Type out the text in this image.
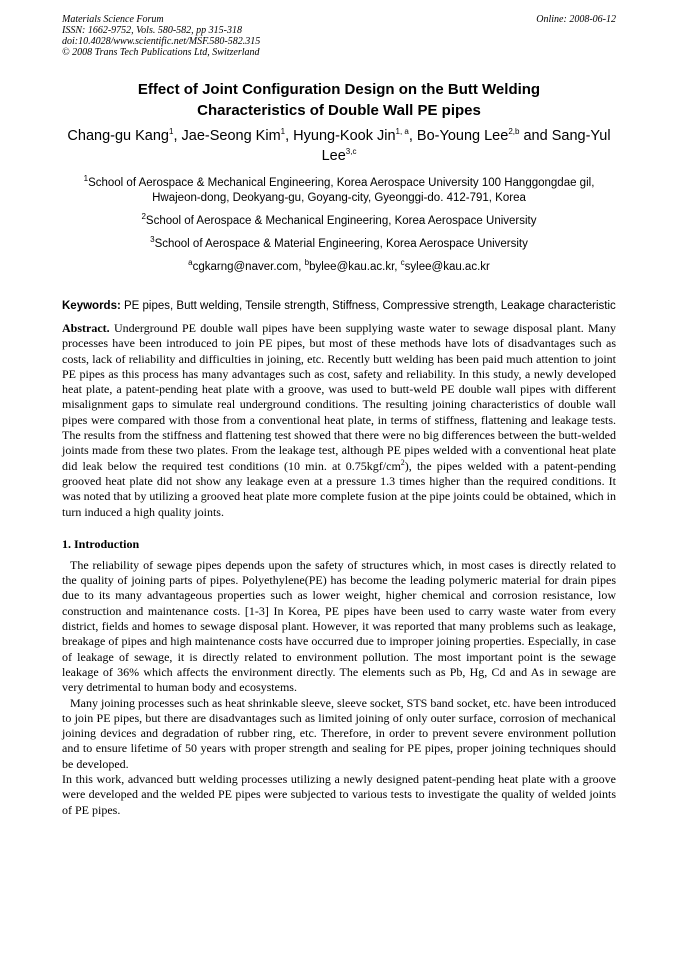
Materials Science Forum	Online: 2008-06-12
ISSN: 1662-9752, Vols. 580-582, pp 315-318
doi:10.4028/www.scientific.net/MSF.580-582.315
© 2008 Trans Tech Publications Ltd, Switzerland
Effect of Joint Configuration Design on the Butt Welding
Characteristics of Double Wall PE pipes
Chang-gu Kang$^1$, Jae-Seong Kim$^1$, Hyung-Kook Jin$^{1, a}$, Bo-Young Lee$^{2,b}$ and Sang-Yul Lee$^{3,c}$
$^1$School of Aerospace & Mechanical Engineering, Korea Aerospace University 100 Hanggongdae gil, Hwajeon-dong, Deokyang-gu, Goyang-city, Gyeonggi-do. 412-791, Korea
$^2$School of Aerospace & Mechanical Engineering, Korea Aerospace University
$^3$School of Aerospace & Material Engineering, Korea Aerospace University
$^a$cgkarng@naver.com, $^b$bylee@kau.ac.kr, $^c$sylee@kau.ac.kr
Keywords: PE pipes, Butt welding, Tensile strength, Stiffness, Compressive strength, Leakage characteristic
Abstract. Underground PE double wall pipes have been supplying waste water to sewage disposal plant. Many processes have been introduced to join PE pipes, but most of these methods have lots of disadvantages such as costs, lack of reliability and difficulties in joining, etc. Recently butt welding has been paid much attention to joint PE pipes as this process has many advantages such as cost, safety and reliability. In this study, a newly developed heat plate, a patent-pending heat plate with a groove, was used to butt-weld PE double wall pipes with different misalignment gaps to simulate real underground conditions. The resulting joining characteristics of double wall pipes were compared with those from a conventional heat plate, in terms of stiffness, flattening and leakage tests. The results from the stiffness and flattening test showed that there were no big differences between the butt-welded joints made from these two plates. From the leakage test, although PE pipes welded with a conventional heat plate did leak below the required test conditions (10 min. at $0.75kgf/cm^2$), the pipes welded with a patent-pending grooved heat plate did not show any leakage even at a pressure 1.3 times higher than the required conditions. It was noted that by utilizing a grooved heat plate more complete fusion at the pipe joints could be obtained, which in turn induced a high quality joints.
1. Introduction
The reliability of sewage pipes depends upon the safety of structures which, in most cases is directly related to the quality of joining parts of pipes. Polyethylene(PE) has become the leading polymeric material for drain pipes due to its many advantageous properties such as lower weight, higher chemical and corrosion resistance, low construction and maintenance costs. [1-3] In Korea, PE pipes have been used to carry waste water from every district, fields and homes to sewage disposal plant. However, it was reported that many problems such as leakage, breakage of pipes and high maintenance costs have occurred due to improper joining properties. Especially, in case of leakage of sewage, it is directly related to environment pollution. The most important point is the sewage leakage of 36% which affects the environment directly. The elements such as Pb, Hg, Cd and As in sewage are very detrimental to human body and ecosystems.
Many joining processes such as heat shrinkable sleeve, sleeve socket, STS band socket, etc. have been introduced to join PE pipes, but there are disadvantages such as limited joining of only outer surface, corrosion of mechanical joining devices and degradation of rubber ring, etc. Therefore, in order to prevent severe environment pollution and to ensure lifetime of 50 years with proper strength and sealing for PE pipes, proper joining techniques should be developed.
In this work, advanced butt welding processes utilizing a newly designed patent-pending heat plate with a groove were developed and the welded PE pipes were subjected to various tests to investigate the quality of welded joints of PE pipes.
